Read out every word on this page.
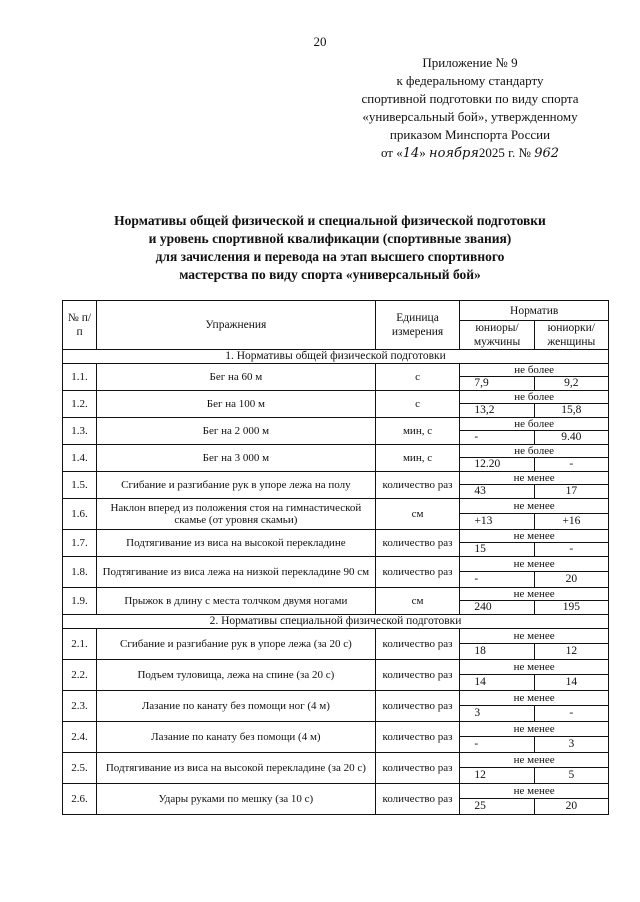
20
Приложение № 9
к федеральному стандарту
спортивной подготовки по виду спорта
«универсальный бой», утвержденному
приказом Минспорта России
от «14» ноября2025 г. № 962
Нормативы общей физической и специальной физической подготовки
и уровень спортивной квалификации (спортивные звания)
для зачисления и перевода на этап высшего спортивного
мастерства по виду спорта «универсальный бой»
№ п/п	Упражнения	Единица измерения	Норматив	
			юниоры/ мужчины	юниорки/ женщины
1. Нормативы общей физической подготовки				
1.1.	Бег на 60 м	с	не более	
			7,9	9,2
1.2.	Бег на 100 м	с	не более	
			13,2	15,8
1.3.	Бег на 2 000 м	мин, с	не более	
			-	9.40
1.4.	Бег на 3 000 м	мин, с	не более	
			12.20	-
1.5.	Сгибание и разгибание рук в упоре лежа на полу	количество раз	не менее	
			43	17
1.6.	Наклон вперед из положения стоя на гимнастической скамье (от уровня скамьи)	см	не менее	
			+13	+16
1.7.	Подтягивание из виса на высокой перекладине	количество раз	не менее	
			15	-
1.8.	Подтягивание из виса лежа на низкой перекладине 90 см	количество раз	не менее	
			-	20
1.9.	Прыжок в длину с места толчком двумя ногами	см	не менее	
			240	195
2. Нормативы специальной физической подготовки				
2.1.	Сгибание и разгибание рук в упоре лежа (за 20 с)	количество раз	не менее	
			18	12
2.2.	Подъем туловища, лежа на спине (за 20 с)	количество раз	не менее	
			14	14
2.3.	Лазание по канату без помощи ног (4 м)	количество раз	не менее	
			3	-
2.4.	Лазание по канату без помощи (4 м)	количество раз	не менее	
			-	3
2.5.	Подтягивание из виса на высокой перекладине (за 20 с)	количество раз	не менее	
			12	5
2.6.	Удары руками по мешку (за 10 с)	количество раз	не менее	
			25	20
